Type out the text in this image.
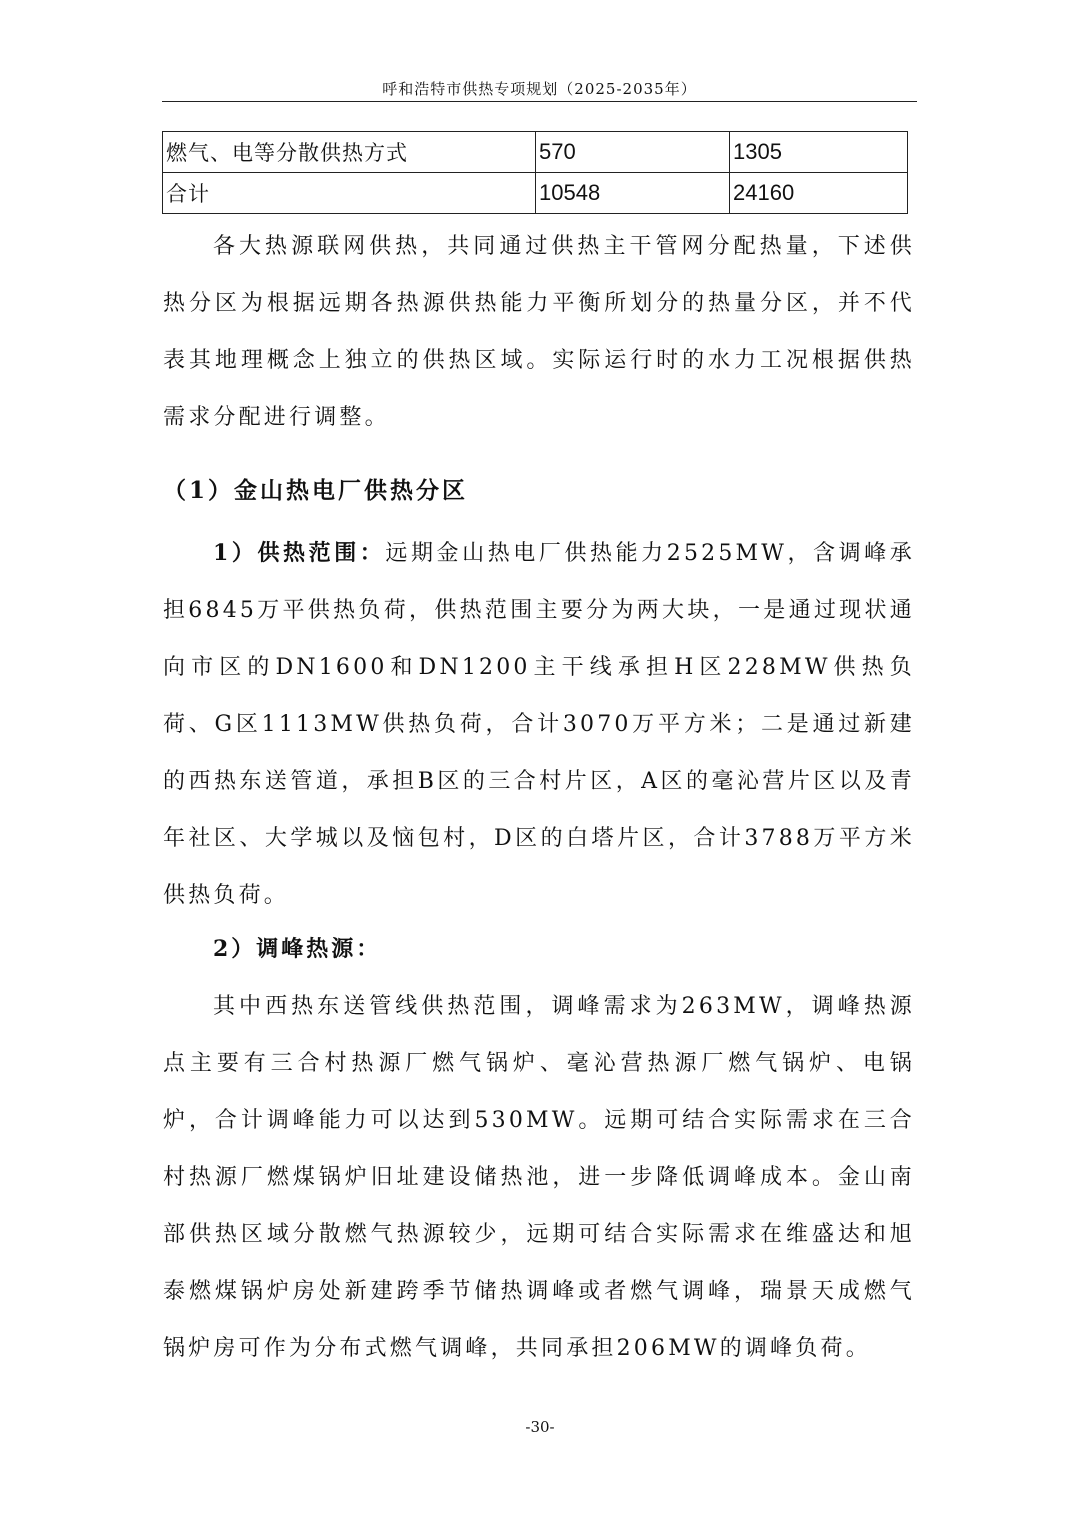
呼和浩特市供热专项规划（2025-2035年）
燃气、电等分散供热方式	570	1305
合计	10548	24160

各大热源联网供热，共同通过供热主干管网分配热量，下述供热分区为根据远期各热源供热能力平衡所划分的热量分区，并不代表其地理概念上独立的供热区域。实际运行时的水力工况根据供热需求分配进行调整。

（1）金山热电厂供热分区

1）供热范围：远期金山热电厂供热能力2525MW，含调峰承担6845万平供热负荷，供热范围主要分为两大块，一是通过现状通向市区的DN1600和DN1200主干线承担H区228MW供热负荷、G区1113MW供热负荷，合计3070万平方米；二是通过新建的西热东送管道，承担B区的三合村片区，A区的毫沁营片区以及青年社区、大学城以及恼包村，D区的白塔片区，合计3788万平方米供热负荷。

2）调峰热源：

其中西热东送管线供热范围，调峰需求为263MW，调峰热源点主要有三合村热源厂燃气锅炉、毫沁营热源厂燃气锅炉、电锅炉，合计调峰能力可以达到530MW。远期可结合实际需求在三合村热源厂燃煤锅炉旧址建设储热池，进一步降低调峰成本。金山南部供热区域分散燃气热源较少，远期可结合实际需求在维盛达和旭泰燃煤锅炉房处新建跨季节储热调峰或者燃气调峰，瑞景天成燃气锅炉房可作为分布式燃气调峰，共同承担206MW的调峰负荷。

-30-
